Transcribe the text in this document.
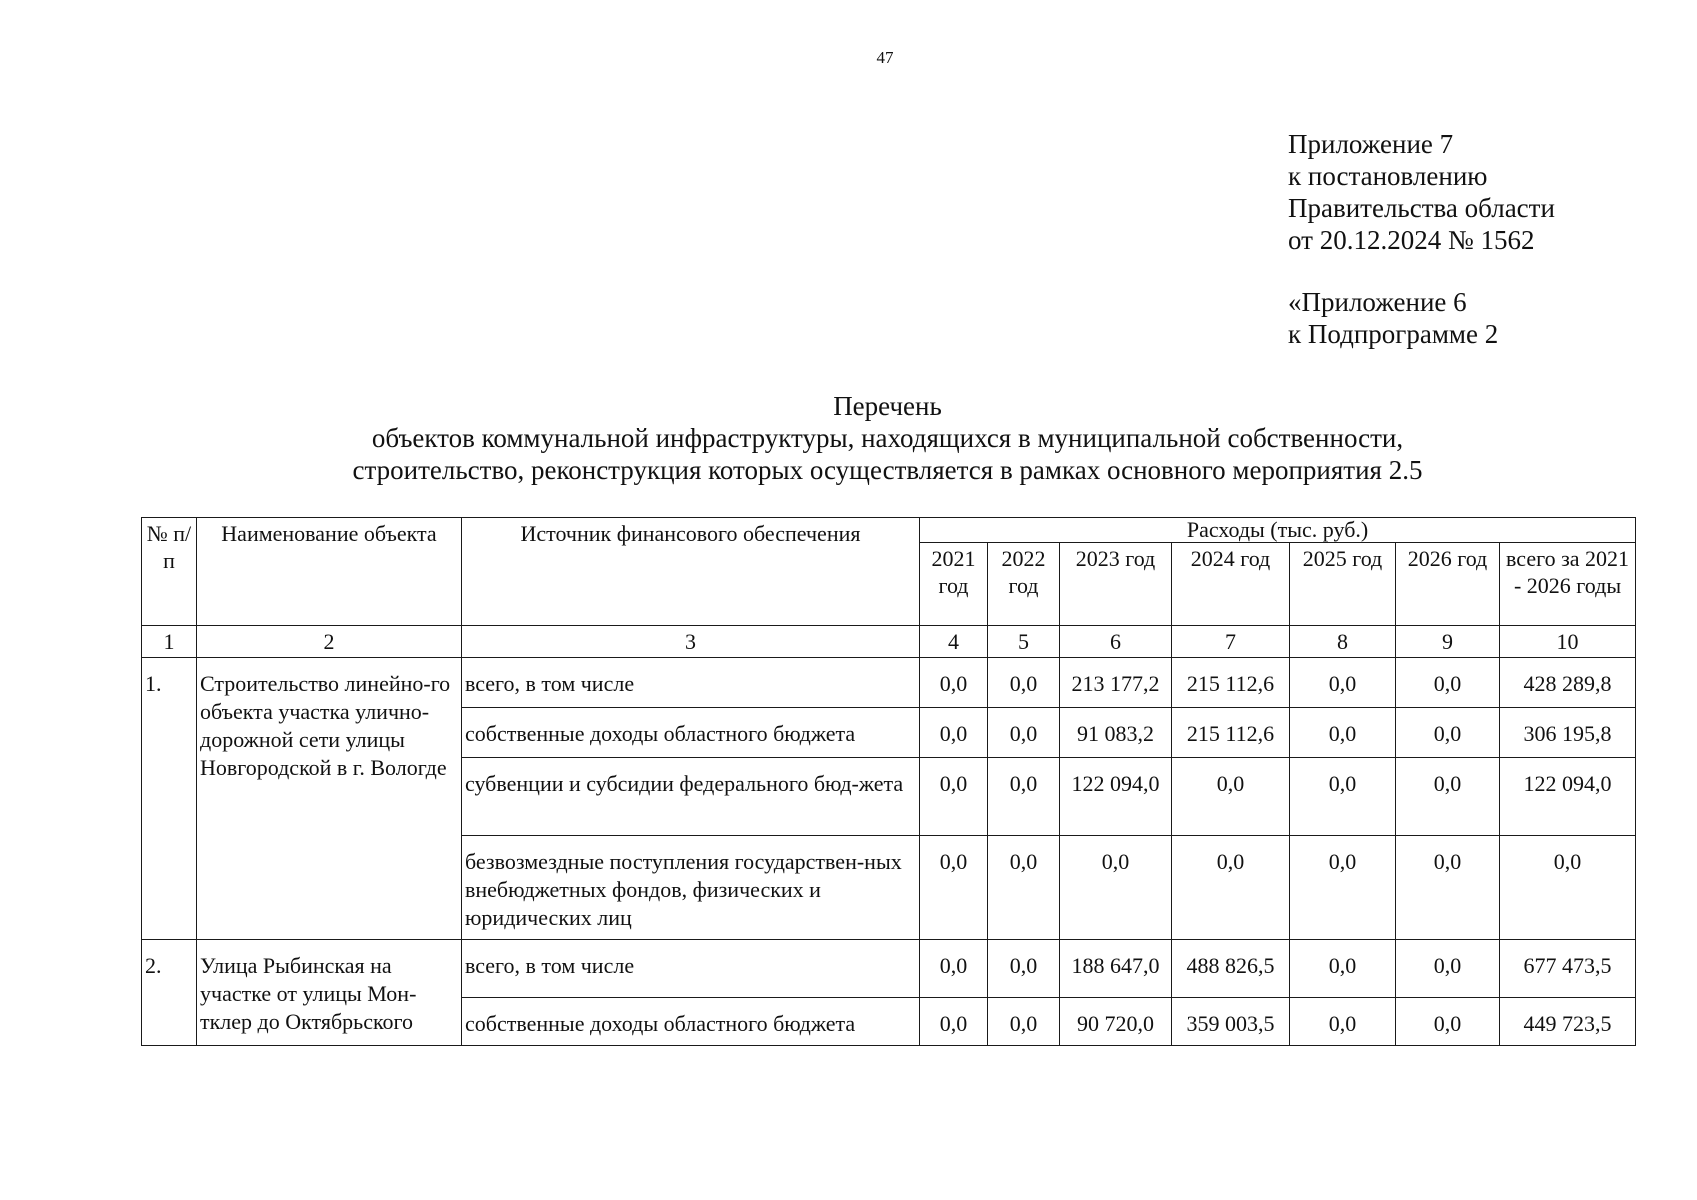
47
Приложение 7
к постановлению
Правительства области
от 20.12.2024 № 1562
«Приложение 6
к Подпрограмме 2
Перечень
объектов коммунальной инфраструктуры, находящихся в муниципальной собственности,
строительство, реконструкция которых осуществляется в рамках основного мероприятия 2.5
№ п/п	Наименование объекта	Источник финансового обеспечения	Расходы (тыс. руб.)						
			2021 год	2022 год	2023 год	2024 год	2025 год	2026 год	всего за 2021 - 2026 годы
1	2	3	4	5	6	7	8	9	10
1.	Строительство линейно-го объекта участка улично-дорожной сети улицы Новгородской в г. Вологде	всего, в том числе	0,0	0,0	213 177,2	215 112,6	0,0	0,0	428 289,8
		собственные доходы областного бюджета	0,0	0,0	91 083,2	215 112,6	0,0	0,0	306 195,8
		субвенции и субсидии федерального бюд-жета	0,0	0,0	122 094,0	0,0	0,0	0,0	122 094,0
		безвозмездные поступления государствен-ных внебюджетных фондов, физических и юридических лиц	0,0	0,0	0,0	0,0	0,0	0,0	0,0
2.	Улица Рыбинская на участке от улицы Мон-тклер до Октябрьского	всего, в том числе	0,0	0,0	188 647,0	488 826,5	0,0	0,0	677 473,5
		собственные доходы областного бюджета	0,0	0,0	90 720,0	359 003,5	0,0	0,0	449 723,5
